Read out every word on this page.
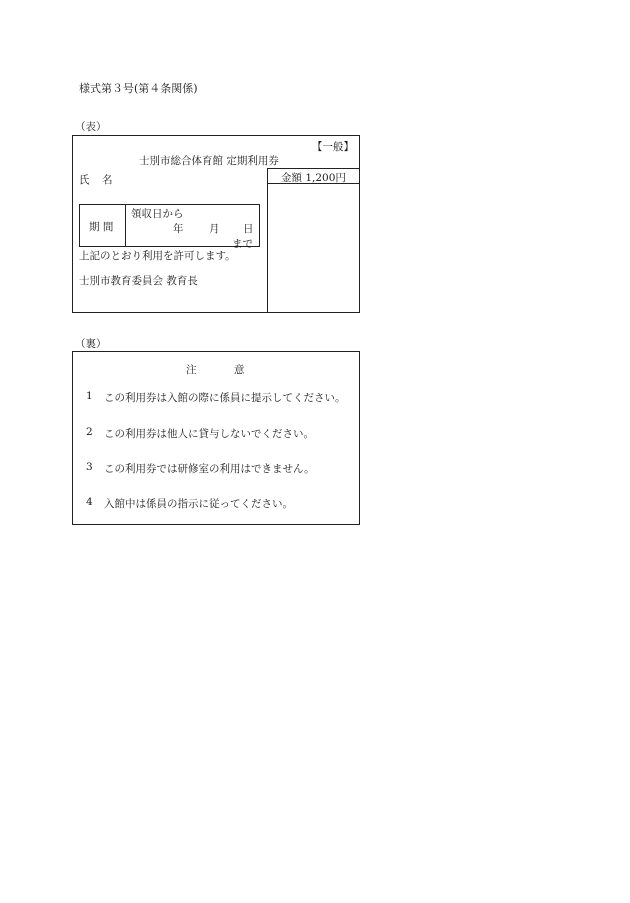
様式第３号(第４条関係)
（表）
【一般】
士別市総合体育館 定期利用券
氏　名	金額 1,200円
期 間
領収日から
年 月 日
まで
上記のとおり利用を許可します。
士別市教育委員会 教育長
（裏）
注	意
1 この利用券は入館の際に係員に提示してください。
2 この利用券は他人に貸与しないでください。
3 この利用券では研修室の利用はできません。
4 入館中は係員の指示に従ってください。
